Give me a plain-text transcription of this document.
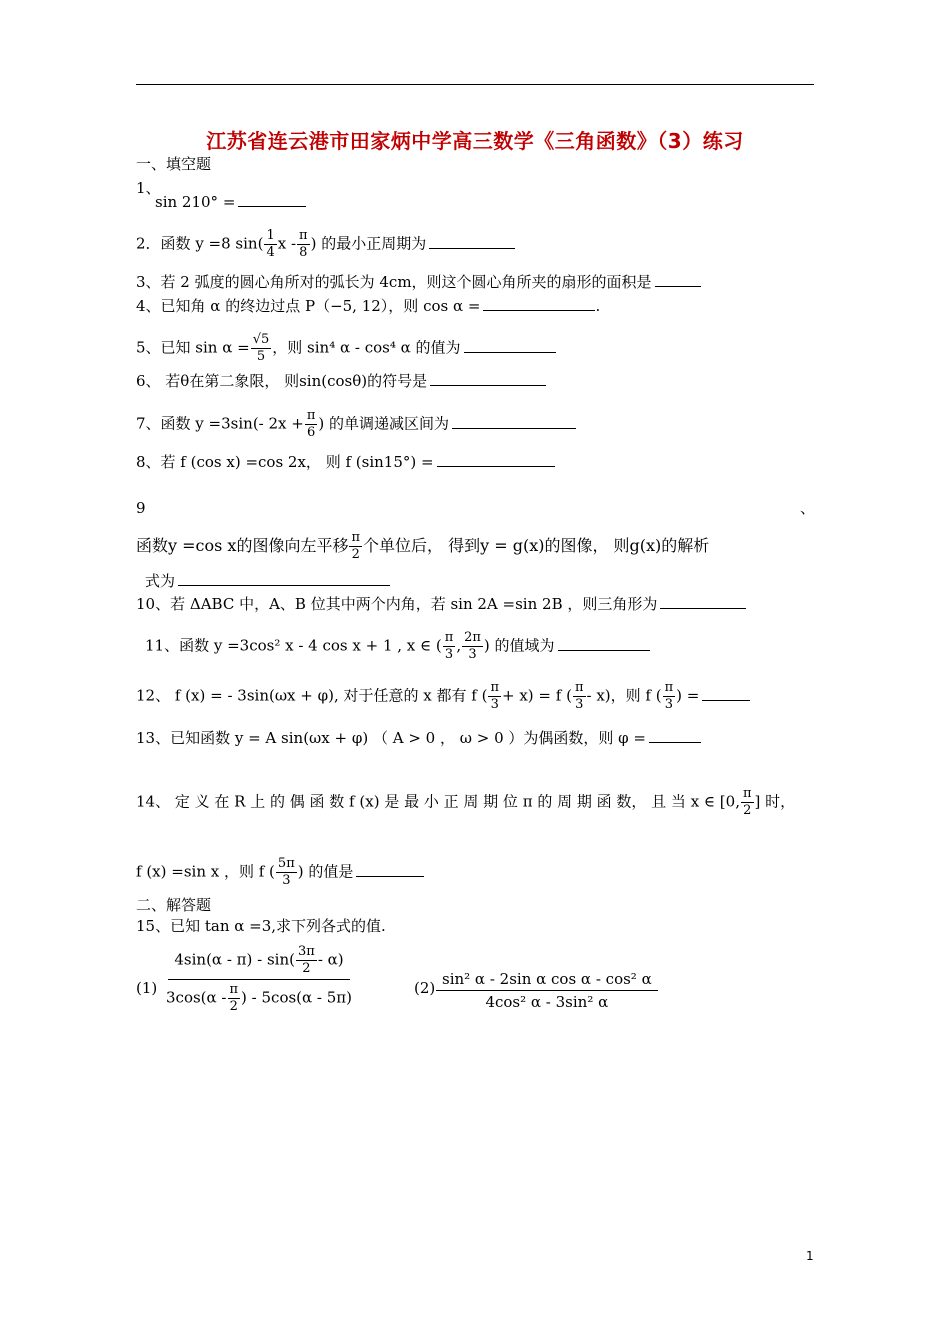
江苏省连云港市田家炳中学高三数学《三角函数》（3）练习
一、填空题
1、
sin 210° =
2．函数 y =8 $\sin( \frac{1}{4}$ x - $\frac{\pi}{8}$ ) 的最小正周期为
3、若 2 弧度的圆心角所对的弧长为 4cm，则这个圆心角所夹的扇形的面积是
4、已知角 α 的终边过点 P（−5, 12），则 cos α =	.
5、已知 $\sin \alpha = \frac{√5}{5}$ ，则 sin⁴ α - cos⁴ α 的值为
6、 若θ在第二象限， 则sin(cosθ)的符号是
7、函数 y =3sin(- $2x + \frac{\pi}{6}$ ) 的单调递减区间为
8、若 f (cos x) =cos 2x， 则 f (sin15°) =
9	、
函数y =cos x的图像向左平移 $\frac{\pi}{2}$ 个单位后， 得到y = g(x)的图像， 则g(x)的解析
式为
10、若 ΔABC 中，A、B 位其中两个内角，若 sin 2A =sin 2B ，则三角形为
11、函数 y =3cos² x - 4 cos x + 1 , x ∈ ( $\frac{\pi}{3}$ , $\frac{2\pi}{3}$ ) 的值域为
12、 f (x) = - 3sin(ωx + φ), 对于任意的 x 都有 f ( $\frac{\pi}{3} + x) = f$ ( $\frac{\pi}{3} - x$)，则 f ( $\frac{\pi}{3}$ ) =
13、已知函数 y = A sin(ωx + φ) （ A > 0 ， ω > 0 ）为偶函数，则 φ =
14、 定 义 在 R 上 的 偶 函 数 f (x) 是 最 小 正 周 期 位 π 的 周 期 函 数， 且 当 x ∈ [0, $\frac{\pi}{2}$ ] 时，
f (x) =sin x ，则 f ( $\frac{5\pi}{3}$ ) 的值是
二、解答题
15、已知 tan α =3,求下列各式的值.
$(1) \frac{4\sin(\alpha - \pi) - \sin( \frac{3\pi}{2} - \alpha)}{3\cos(\alpha - \frac{\pi}{2} ) - 5\cos(\alpha - 5\pi)}$	$(2) \frac{\text{sin² α - 2sin α cos α - cos² α}}{\text{4cos² α - 3sin² α}}$
1
